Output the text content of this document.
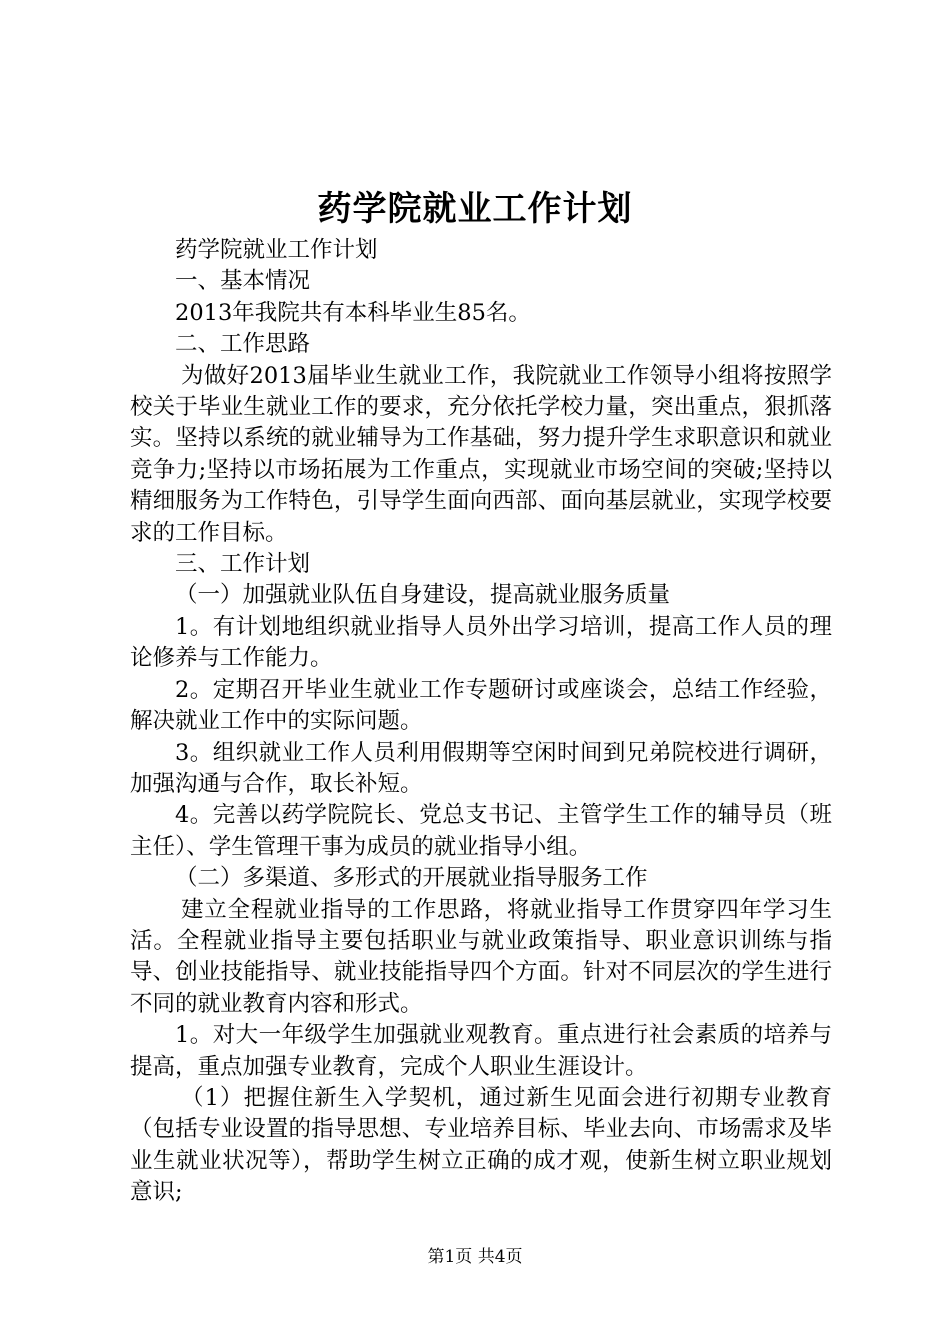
药学院就业工作计划

药学院就业工作计划

一、基本情况

2013年我院共有本科毕业生85名。

二、工作思路

为做好2013届毕业生就业工作，我院就业工作领导小组将按照学校关于毕业生就业工作的要求，充分依托学校力量，突出重点，狠抓落实。坚持以系统的就业辅导为工作基础，努力提升学生求职意识和就业竞争力;坚持以市场拓展为工作重点，实现就业市场空间的突破;坚持以精细服务为工作特色，引导学生面向西部、面向基层就业，实现学校要求的工作目标。

三、工作计划

（一）加强就业队伍自身建设，提高就业服务质量

1。有计划地组织就业指导人员外出学习培训，提高工作人员的理论修养与工作能力。

2。定期召开毕业生就业工作专题研讨或座谈会，总结工作经验，解决就业工作中的实际问题。

3。组织就业工作人员利用假期等空闲时间到兄弟院校进行调研，加强沟通与合作，取长补短。

4。完善以药学院院长、党总支书记、主管学生工作的辅导员（班主任）、学生管理干事为成员的就业指导小组。

（二）多渠道、多形式的开展就业指导服务工作

建立全程就业指导的工作思路，将就业指导工作贯穿四年学习生活。全程就业指导主要包括职业与就业政策指导、职业意识训练与指导、创业技能指导、就业技能指导四个方面。针对不同层次的学生进行不同的就业教育内容和形式。

1。对大一年级学生加强就业观教育。重点进行社会素质的培养与提高，重点加强专业教育，完成个人职业生涯设计。

（1）把握住新生入学契机，通过新生见面会进行初期专业教育（包括专业设置的指导思想、专业培养目标、毕业去向、市场需求及毕业生就业状况等），帮助学生树立正确的成才观，使新生树立职业规划意识;

第1页 共4页
